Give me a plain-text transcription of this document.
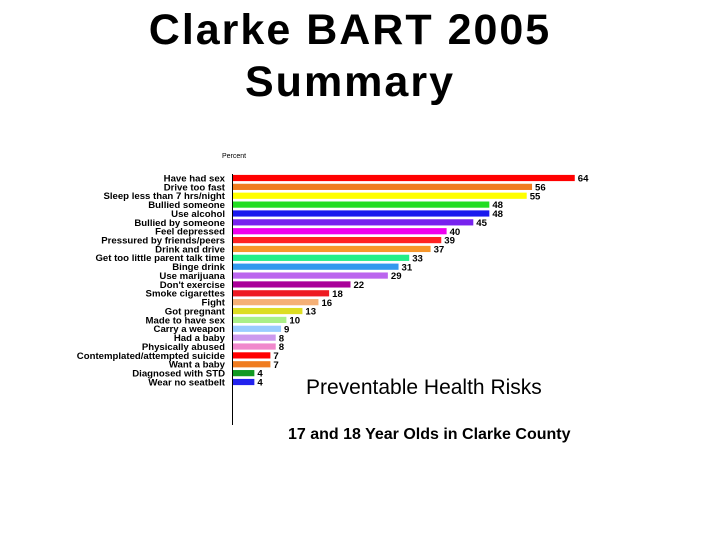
Clarke BART 2005
Summary
Percent
Have had sex	64
Drive too fast	56
Sleep less than 7 hrs/night	55
Bullied someone	48
Use alcohol	48
Bullied by someone	45
Feel depressed	40
Pressured by friends/peers	39
Drink and drive	37
Get too little parent talk time	33
Binge drink	31
Use marijuana	29
Don't exercise	22
Smoke cigarettes	18
Fight	16
Got pregnant	13
Made to have sex	10
Carry a weapon	9
Had a baby	8
Physically abused	8
Contemplated/attempted suicide	7
Want a baby	7
Diagnosed with STD	4
Wear no seatbelt	4 Preventable Health Risks
17 and 18 Year Olds in Clarke County
